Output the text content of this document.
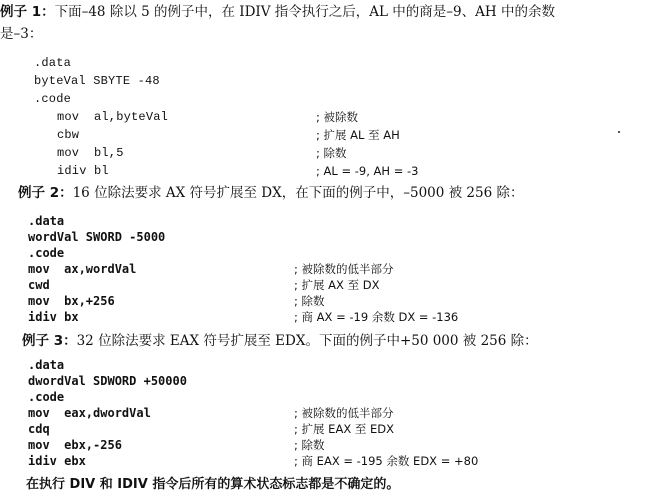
例子 1：下面–48 除以 5 的例子中，在 IDIV 指令执行之后，AL 中的商是–9、AH 中的余数
是–3：
.data
byteVal SBYTE -48
.code
mov  al,byteVal
cbw
mov  bl,5
idiv bl
; 被除数
; 扩展 AL 至 AH
; 除数
; AL = -9, AH = -3
例子 2：16 位除法要求 AX 符号扩展至 DX，在下面的例子中，–5000 被 256 除：
.data
wordVal SWORD -5000
.code
mov  ax,wordVal
cwd
mov  bx,+256
idiv bx
; 被除数的低半部分
; 扩展 AX 至 DX
; 除数
; 商 AX = -19 余数 DX = -136
例子 3：32 位除法要求 EAX 符号扩展至 EDX。下面的例子中+50 000 被 256 除：
.data
dwordVal SDWORD +50000
.code
mov  eax,dwordVal
cdq
mov  ebx,-256
idiv ebx
; 被除数的低半部分
; 扩展 EAX 至 EDX
; 除数
; 商 EAX = -195 余数 EDX = +80
在执行 DIV 和 IDIV 指令后所有的算术状态标志都是不确定的。
